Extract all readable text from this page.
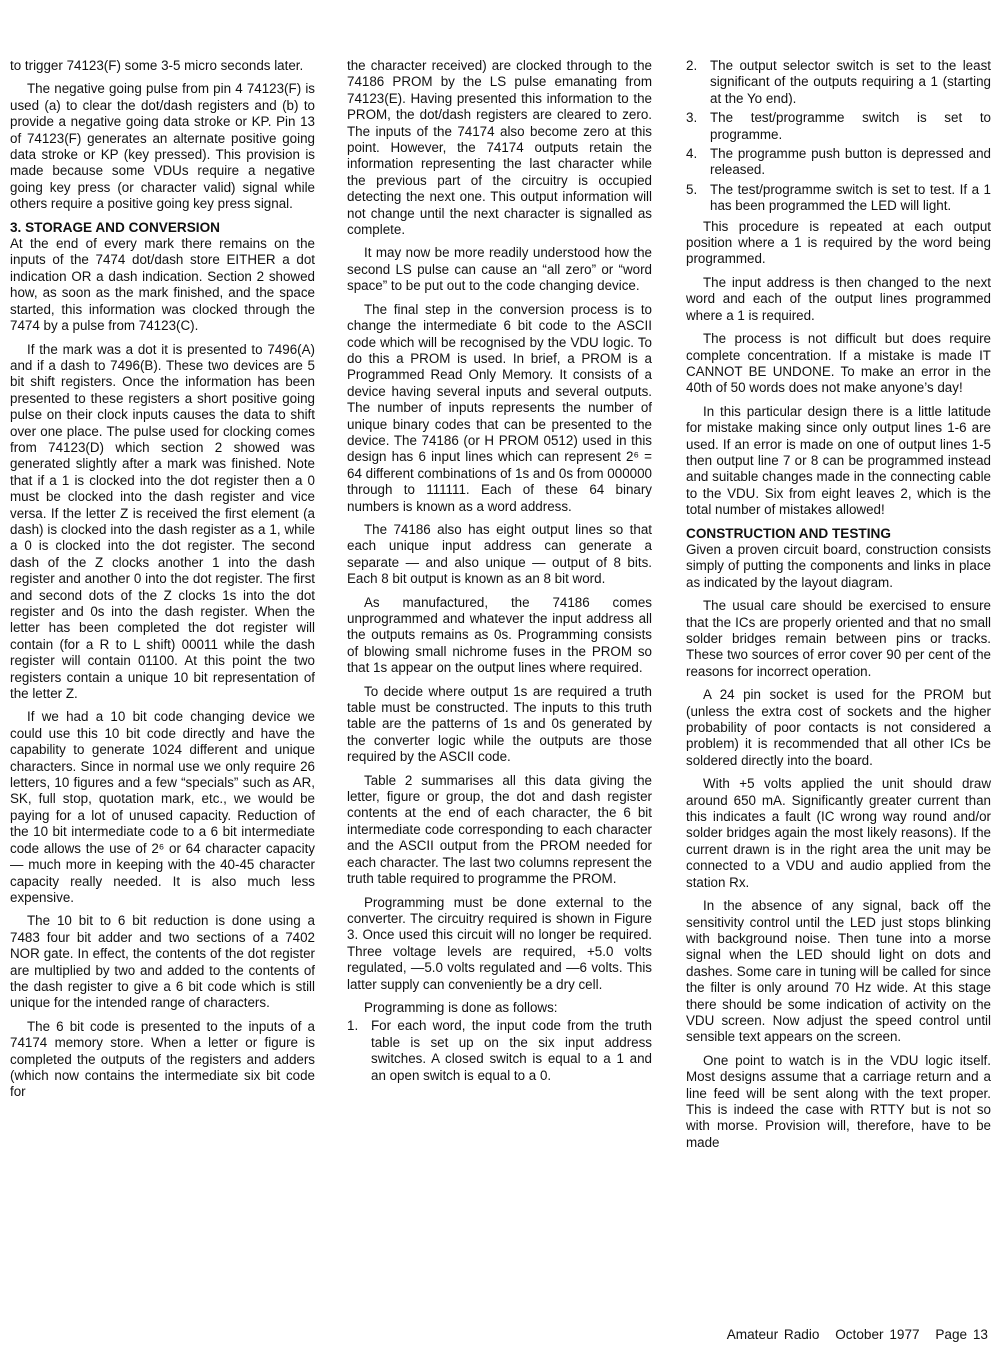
to trigger 74123(F) some 3-5 micro seconds later.

The negative going pulse from pin 4 74123(F) is used (a) to clear the dot/dash registers and (b) to provide a negative going data stroke or KP. Pin 13 of 74123(F) generates an alternate positive going data stroke or KP (key pressed). This provision is made because some VDUs require a negative going key press (or character valid) signal while others require a positive going key press signal.

3. STORAGE AND CONVERSION

At the end of every mark there remains on the inputs of the 7474 dot/dash store EITHER a dot indication OR a dash indication. Section 2 showed how, as soon as the mark finished, and the space started, this information was clocked through the 7474 by a pulse from 74123(C).

If the mark was a dot it is presented to 7496(A) and if a dash to 7496(B). These two devices are 5 bit shift registers. Once the information has been presented to these registers a short positive going pulse on their clock inputs causes the data to shift over one place. The pulse used for clocking comes from 74123(D) which section 2 showed was generated slightly after a mark was finished. Note that if a 1 is clocked into the dot register then a 0 must be clocked into the dash register and vice versa. If the letter Z is received the first element (a dash) is clocked into the dash register as a 1, while a 0 is clocked into the dot register. The second dash of the Z clocks another 1 into the dash register and another 0 into the dot register. The first and second dots of the Z clocks 1s into the dot register and 0s into the dash register. When the letter has been completed the dot register will contain (for a R to L shift) 00011 while the dash register will contain 01100. At this point the two registers contain a unique 10 bit representation of the letter Z.

If we had a 10 bit code changing device we could use this 10 bit code directly and have the capability to generate 1024 different and unique characters. Since in normal use we only require 26 letters, 10 figures and a few “specials” such as AR, SK, full stop, quotation mark, etc., we would be paying for a lot of unused capacity. Reduction of the 10 bit intermediate code to a 6 bit intermediate code allows the use of 2⁶ or 64 character capacity — much more in keeping with the 40-45 character capacity really needed. It is also much less expensive.

The 10 bit to 6 bit reduction is done using a 7483 four bit adder and two sections of a 7402 NOR gate. In effect, the contents of the dot register are multiplied by two and added to the contents of the dash register to give a 6 bit code which is still unique for the intended range of characters.

The 6 bit code is presented to the inputs of a 74174 memory store. When a letter or figure is completed the outputs of the registers and adders (which now contains the intermediate six bit code for

the character received) are clocked through to the 74186 PROM by the LS pulse emanating from 74123(E). Having presented this information to the PROM, the dot/dash registers are cleared to zero. The inputs of the 74174 also become zero at this point. However, the 74174 outputs retain the information representing the last character while the previous part of the circuitry is occupied detecting the next one. This output information will not change until the next character is signalled as complete.

It may now be more readily understood how the second LS pulse can cause an “all zero” or “word space” to be put out to the code changing device.

The final step in the conversion process is to change the intermediate 6 bit code to the ASCII code which will be recognised by the VDU logic. To do this a PROM is used. In brief, a PROM is a Programmed Read Only Memory. It consists of a device having several inputs and several outputs. The number of inputs represents the number of unique binary codes that can be presented to the device. The 74186 (or H PROM 0512) used in this design has 6 input lines which can represent 2⁶ = 64 different combinations of 1s and 0s from 000000 through to 111111. Each of these 64 binary numbers is known as a word address.

The 74186 also has eight output lines so that each unique input address can generate a separate — and also unique — output of 8 bits. Each 8 bit output is known as an 8 bit word.

As manufactured, the 74186 comes unprogrammed and whatever the input address all the outputs remains as 0s. Programming consists of blowing small nichrome fuses in the PROM so that 1s appear on the output lines where required.

To decide where output 1s are required a truth table must be constructed. The inputs to this truth table are the patterns of 1s and 0s generated by the converter logic while the outputs are those required by the ASCII code.

Table 2 summarises all this data giving the letter, figure or group, the dot and dash register contents at the end of each character, the 6 bit intermediate code corresponding to each character and the ASCII output from the PROM needed for each character. The last two columns represent the truth table required to programme the PROM.

Programming must be done external to the converter. The circuitry required is shown in Figure 3. Once used this circuit will no longer be required. Three voltage levels are required, +5.0 volts regulated, —5.0 volts regulated and —6 volts. This latter supply can conveniently be a dry cell.

Programming is done as follows:

1. For each word, the input code from the truth table is set up on the six input address switches. A closed switch is equal to a 1 and an open switch is equal to a 0.
2. The output selector switch is set to the least significant of the outputs requiring a 1 (starting at the Yo end).
3. The test/programme switch is set to programme.
4. The programme push button is depressed and released.
5. The test/programme switch is set to test. If a 1 has been programmed the LED will light.

This procedure is repeated at each output position where a 1 is required by the word being programmed.

The input address is then changed to the next word and each of the output lines programmed where a 1 is required.

The process is not difficult but does require complete concentration. If a mistake is made IT CANNOT BE UNDONE. To make an error in the 40th of 50 words does not make anyone’s day!

In this particular design there is a little latitude for mistake making since only output lines 1-6 are used. If an error is made on one of output lines 1-5 then output line 7 or 8 can be programmed instead and suitable changes made in the connecting cable to the VDU. Six from eight leaves 2, which is the total number of mistakes allowed!

CONSTRUCTION AND TESTING

Given a proven circuit board, construction consists simply of putting the components and links in place as indicated by the layout diagram.

The usual care should be exercised to ensure that the ICs are properly oriented and that no small solder bridges remain between pins or tracks. These two sources of error cover 90 per cent of the reasons for incorrect operation.

A 24 pin socket is used for the PROM but (unless the extra cost of sockets and the higher probability of poor contacts is not considered a problem) it is recommended that all other ICs be soldered directly into the board.

With +5 volts applied the unit should draw around 650 mA. Significantly greater current than this indicates a fault (IC wrong way round and/or solder bridges again the most likely reasons). If the current drawn is in the right area the unit may be connected to a VDU and audio applied from the station Rx.

In the absence of any signal, back off the sensitivity control until the LED just stops blinking with background noise. Then tune into a morse signal when the LED should light on dots and dashes. Some care in tuning will be called for since the filter is only around 70 Hz wide. At this stage there should be some indication of activity on the VDU screen. Now adjust the speed control until sensible text appears on the screen.

One point to watch is in the VDU logic itself. Most designs assume that a carriage return and a line feed will be sent along with the text proper. This is indeed the case with RTTY but is not so with morse. Provision will, therefore, have to be made

Amateur Radio October 1977 Page 13
